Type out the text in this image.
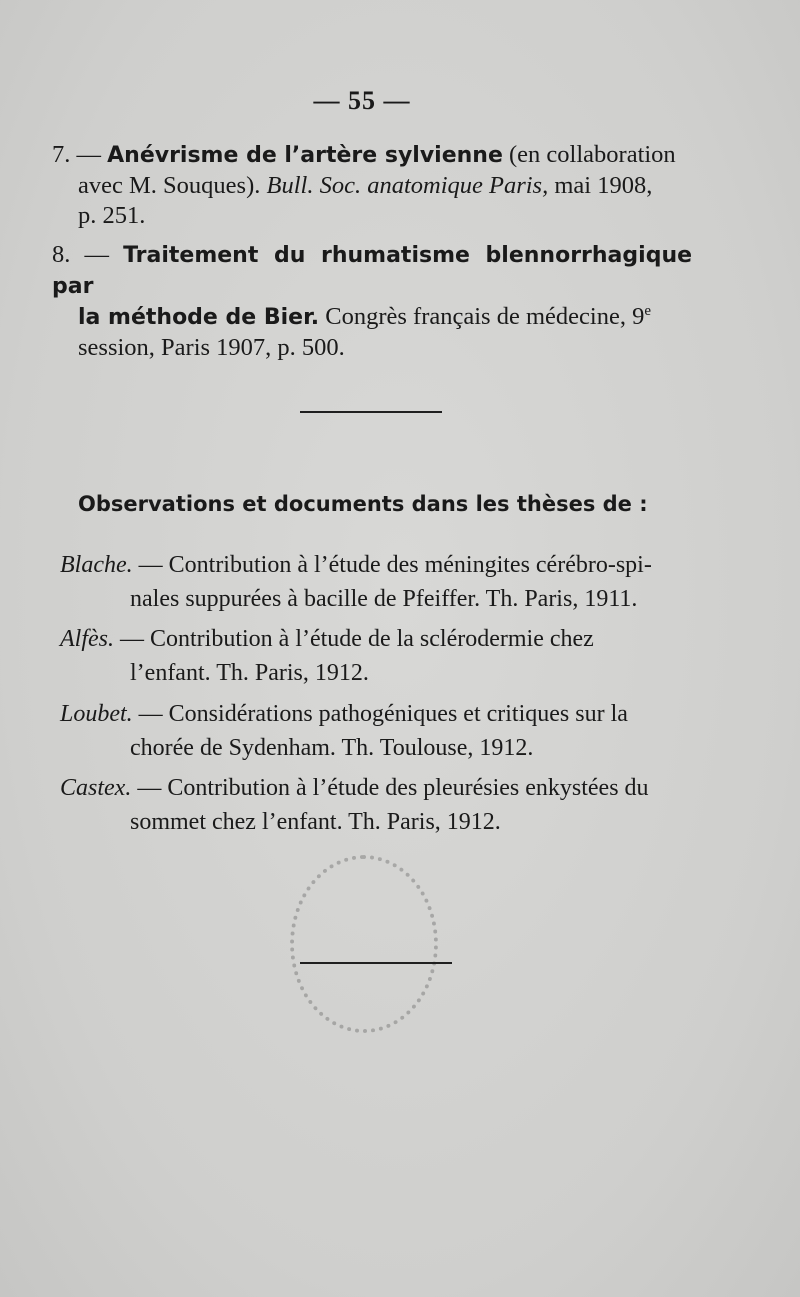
— 55 —
7. — Anévrisme de l’artère sylvienne (en collaboration
avec M. Souques). Bull. Soc. anatomique Paris, mai 1908,
p. 251.
8. — Traitement du rhumatisme blennorrhagique par
la méthode de Bier. Congrès français de médecine, 9e
session, Paris 1907, p. 500.
Observations et documents dans les thèses de :
Blache. — Contribution à l’étude des méningites cérébro-spi-
nales suppurées à bacille de Pfeiffer. Th. Paris, 1911.
Alfès. — Contribution à l’étude de la sclérodermie chez
l’enfant. Th. Paris, 1912.
Loubet. — Considérations pathogéniques et critiques sur la
chorée de Sydenham. Th. Toulouse, 1912.
Castex. — Contribution à l’étude des pleurésies enkystées du
sommet chez l’enfant. Th. Paris, 1912.
